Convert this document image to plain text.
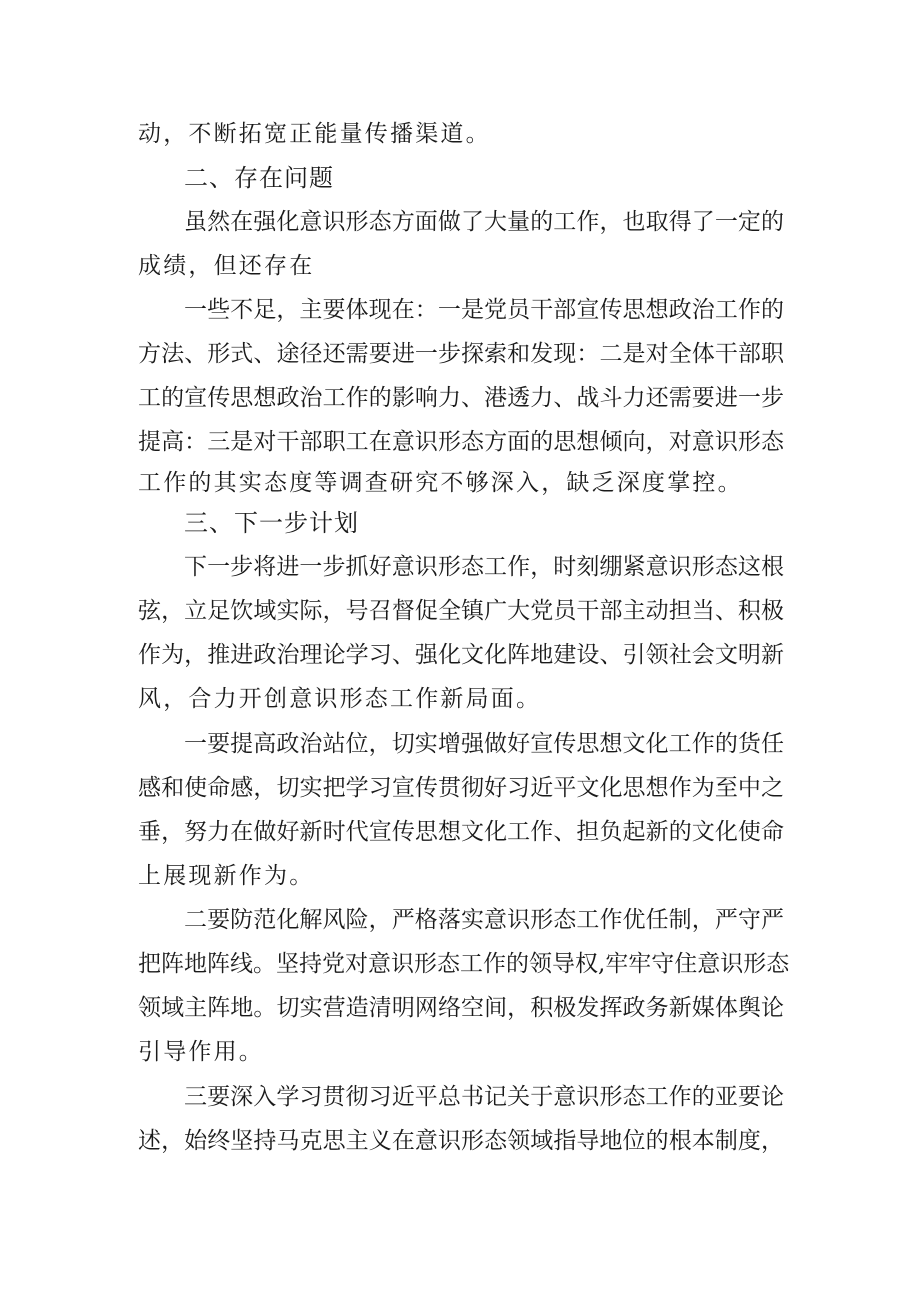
动，不断拓宽正能量传播渠道。
二、存在问题
虽然在强化意识形态方面做了大量的工作，也取得了一定的
成绩，但还存在
一些不足，主要体现在：一是党员干部宣传思想政治工作的
方法、形式、途径还需要进一步探索和发现：二是对全体干部职
工的宣传思想政治工作的影响力、港透力、战斗力还需要进一步
提高：三是对干部职工在意识形态方面的思想倾向，对意识形态
工作的其实态度等调查研究不够深入，缺乏深度掌控。
三、下一步计划
下一步将进一步抓好意识形态工作，时刻绷紧意识形态这根
弦，立足饮域实际，号召督促全镇广大党员干部主动担当、积极
作为，推进政治理论学习、强化文化阵地建设、引领社会文明新
风，合力开创意识形态工作新局面。
一要提高政治站位，切实增强做好宣传思想文化工作的货任
感和使命感，切实把学习宣传贯彻好习近平文化思想作为至中之
垂，努力在做好新时代宣传思想文化工作、担负起新的文化使命
上展现新作为。
二要防范化解风险，严格落实意识形态工作优任制，严守严
把阵地阵线。坚持党对意识形态工作的领导权,牢牢守住意识形态
领域主阵地。切实营造清明网络空间，积极发挥政务新媒体舆论
引导作用。
三要深入学习贯彻习近平总书记关于意识形态工作的亚要论
述，始终坚持马克思主义在意识形态领域指导地位的根本制度，
